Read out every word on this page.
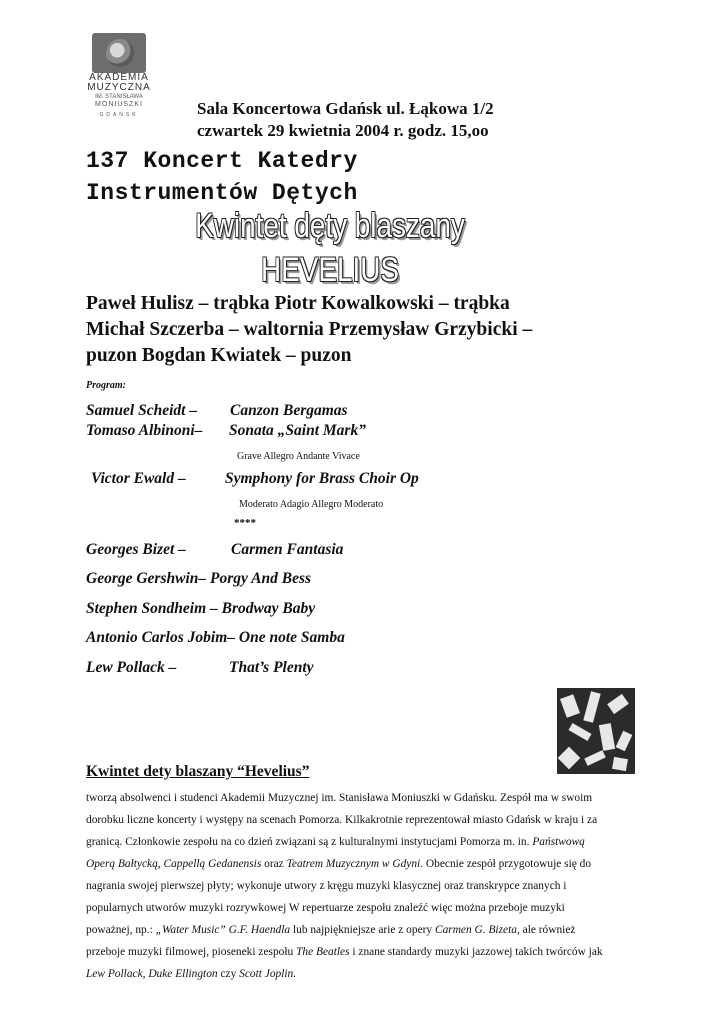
AKADEMIA
MUZYCZNA
IM. STANISŁAWA
MONIUSZKI
GDAŃSK	Sala Koncertowa Gdańsk ul. Łąkowa 1/2
czwartek 29 kwietnia 2004 r. godz. 15,oo
137 Koncert Katedry
Instrumentów Dętych
Kwintet dęty blaszany
HEVELIUS
Paweł Hulisz – trąbka Piotr Kowalkowski – trąbka
Michał Szczerba – waltornia Przemysław Grzybicki –
puzon Bogdan Kwiatek – puzon
Program:
Samuel Scheidt – Canzon Bergamas
Tomaso Albinoni– Sonata „Saint Mark”
Grave Allegro Andante Vivace
Victor Ewald –	Symphony for Brass Choir Op
Moderato Adagio Allegro Moderato
****
Georges Bizet –	Carmen Fantasia
George Gershwin– Porgy And Bess
Stephen Sondheim – Brodway Baby
Antonio Carlos Jobim– One note Samba
Lew Pollack –	That’s Plenty
Kwintet dety blaszany “Hevelius”
tworzą absolwenci i studenci Akademii Muzycznej im. Stanisława Moniuszki w Gdańsku. Zespół ma w swoim
dorobku liczne koncerty i występy na scenach Pomorza. Kilkakrotnie reprezentował miasto Gdańsk w kraju i za
granicą. Członkowie zespołu na co dzień związani są z kulturalnymi instytucjami Pomorza m. in. Państwową
Operą Bałtycką, Cappellą Gedanensis oraz Teatrem Muzycznym w Gdyni. Obecnie zespół przygotowuje się do
nagrania swojej pierwszej płyty; wykonuje utwory z kręgu muzyki klasycznej oraz transkrypce znanych i
popularnych utworów muzyki rozrywkowej W repertuarze zespołu znaleźć więc można przeboje muzyki
poważnej, np.: „Water Music” G.F. Haendla lub najpiękniejsze arie z opery Carmen G. Bizeta, ale również
przeboje muzyki filmowej, pioseneki zespołu The Beatles i znane standardy muzyki jazzowej takich twórców jak
Lew Pollack, Duke Ellington czy Scott Joplin.
